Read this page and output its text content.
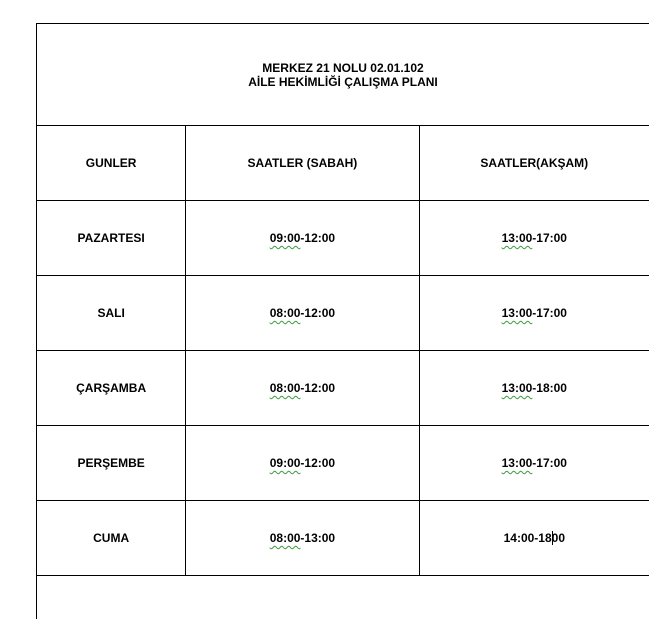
MERKEZ 21 NOLU 02.01.102
AİLE HEKİMLİĞİ ÇALIŞMA PLANI		

GUNLER	SAATLER (SABAH)	SAATLER(AKŞAM)
PAZARTESI	09:00-12:00	13:00-17:00
SALI	08:00-12:00	13:00-17:00
ÇARŞAMBA	08:00-12:00	13:00-18:00
PERŞEMBE	09:00-12:00	13:00-17:00
CUMA	08:00-13:00	14:00-1800
